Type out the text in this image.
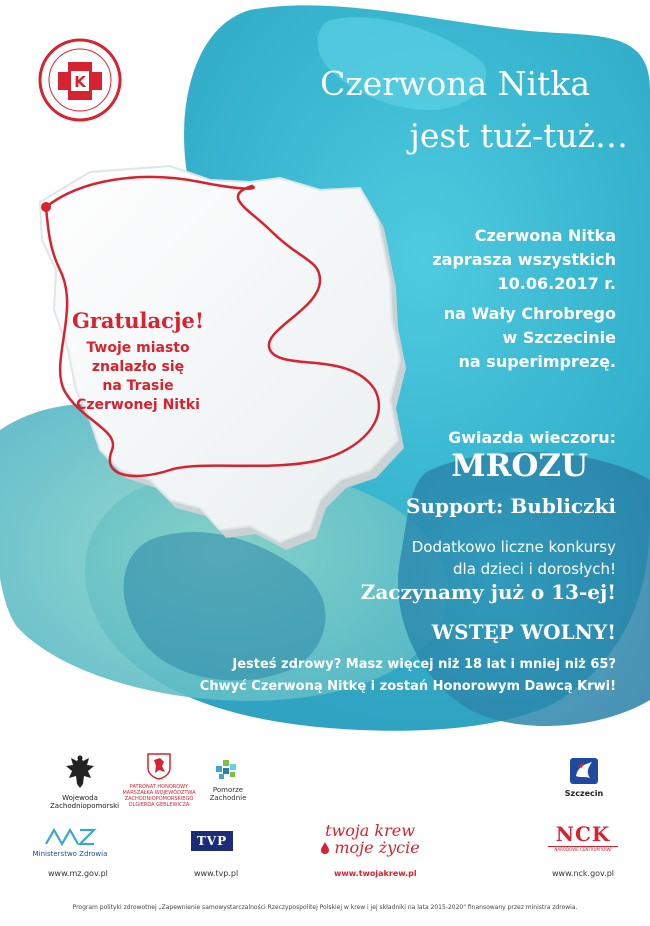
K	Czerwona Nitka
jest tuż-tuż…
Gratulacje!
Twoje miasto
znalazło się
na Trasie
Czerwonej Nitki
Czerwona Nitka
zaprasza wszystkich
10.06.2017 r.
na Wały Chrobrego
w Szczecinie
na superimprezę.
Gwiazda wieczoru:
MROZU
Support: Bubliczki
Dodatkowo liczne konkursy
dla dzieci i dorosłych!
Zaczynamy już o 13-ej!
WSTĘP WOLNY!
Jesteś zdrowy? Masz więcej niż 18 lat i mniej niż 65?
Chwyć Czerwoną Nitkę i zostań Honorowym Dawcą Krwi!
Wojewoda Zachodniopomorski
PATRONAT HONOROWY MARSZAŁKA WOJEWÓDZTWA ZACHODNIOPOMORSKIEGO OLGIERDA GEBLEWICZA
Pomorze Zachodnie	Szczecin
Ministerstwo Zdrowia
TVP
twoja krew
moje życie
NCK
NARODOWE CENTRUM KRWI
www.mz.gov.pl	www.tvp.pl	www.twojakrew.pl	www.nck.gov.pl
Program polityki zdrowotnej „Zapewnienie samowystarczalności Rzeczypospolitej Polskiej w krew i jej składniki na lata 2015-2020" finansowany przez ministra zdrowia.
